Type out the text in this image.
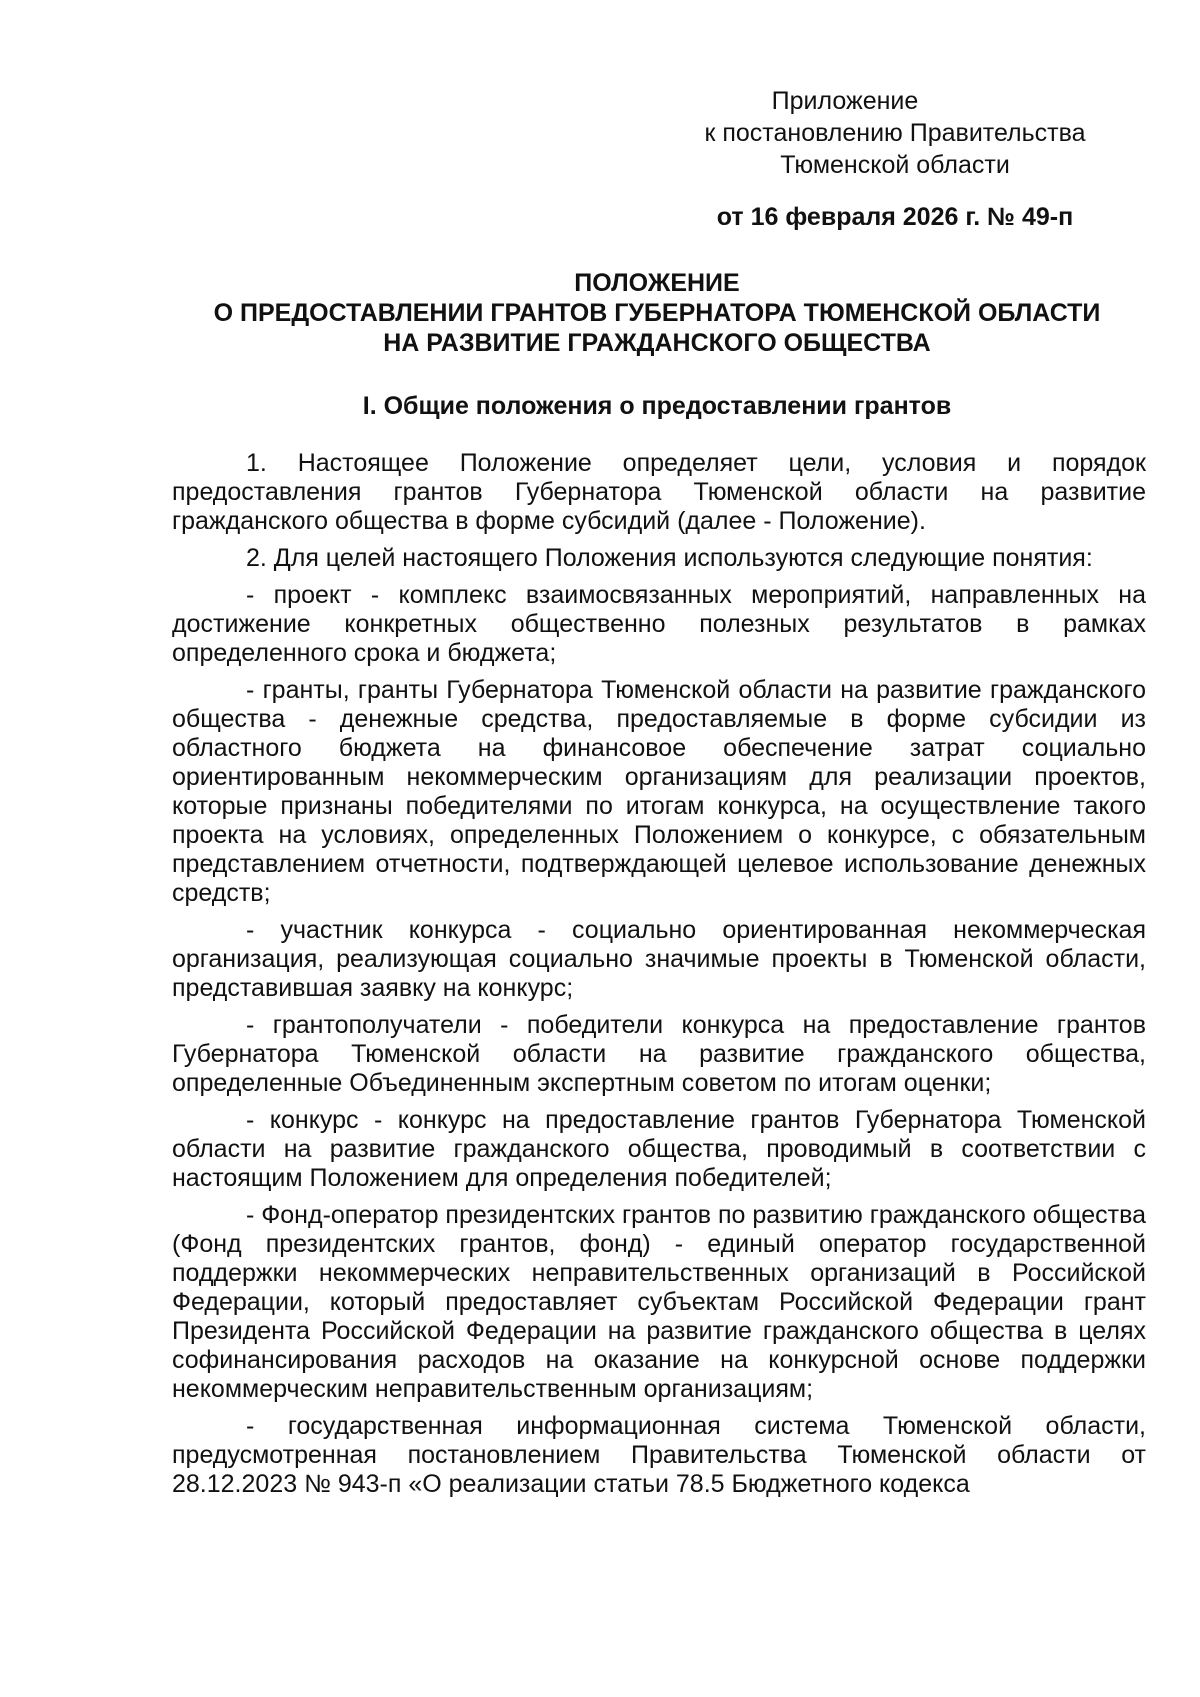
Приложение
к постановлению Правительства
Тюменской области
от 16 февраля 2026 г. № 49-п
ПОЛОЖЕНИЕ
О ПРЕДОСТАВЛЕНИИ ГРАНТОВ ГУБЕРНАТОРА ТЮМЕНСКОЙ ОБЛАСТИ
НА РАЗВИТИЕ ГРАЖДАНСКОГО ОБЩЕСТВА
I. Общие положения о предоставлении грантов

1. Настоящее Положение определяет цели, условия и порядок предоставления грантов Губернатора Тюменской области на развитие гражданского общества в форме субсидий (далее - Положение).

2. Для целей настоящего Положения используются следующие понятия:

- проект - комплекс взаимосвязанных мероприятий, направленных на достижение конкретных общественно полезных результатов в рамках определенного срока и бюджета;

- гранты, гранты Губернатора Тюменской области на развитие гражданского общества - денежные средства, предоставляемые в форме субсидии из областного бюджета на финансовое обеспечение затрат социально ориентированным некоммерческим организациям для реализации проектов, которые признаны победителями по итогам конкурса, на осуществление такого проекта на условиях, определенных Положением о конкурсе, с обязательным представлением отчетности, подтверждающей целевое использование денежных средств;

- участник конкурса - социально ориентированная некоммерческая организация, реализующая социально значимые проекты в Тюменской области, представившая заявку на конкурс;

- грантополучатели - победители конкурса на предоставление грантов Губернатора Тюменской области на развитие гражданского общества, определенные Объединенным экспертным советом по итогам оценки;

- конкурс - конкурс на предоставление грантов Губернатора Тюменской области на развитие гражданского общества, проводимый в соответствии с настоящим Положением для определения победителей;

- Фонд-оператор президентских грантов по развитию гражданского общества (Фонд президентских грантов, фонд) - единый оператор государственной поддержки некоммерческих неправительственных организаций в Российской Федерации, который предоставляет субъектам Российской Федерации грант Президента Российской Федерации на развитие гражданского общества в целях софинансирования расходов на оказание на конкурсной основе поддержки некоммерческим неправительственным организациям;

- государственная информационная система Тюменской области, предусмотренная постановлением Правительства Тюменской области от 28.12.2023 № 943-п «О реализации статьи 78.5 Бюджетного кодекса
